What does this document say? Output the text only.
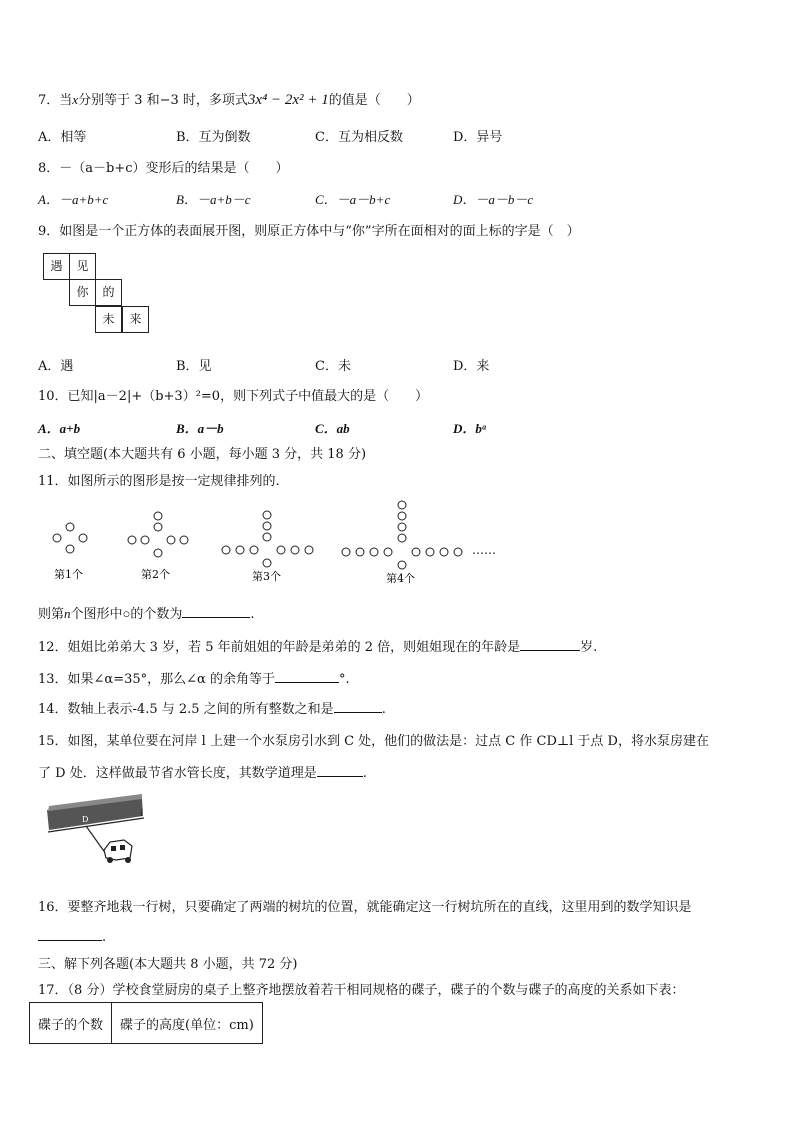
7．当x分别等于 3 和−3 时，多项式3x⁴ − 2x² + 1的值是（　　）
A．相等	B．互为倒数	C．互为相反数	D．异号
8．－（a－b+c）变形后的结果是（　　）
A．－a+b+c	B．－a+b－c	C．－a－b+c	D．－a－b－c
9．如图是一个正方体的表面展开图，则原正方体中与“你”字所在面相对的面上标的字是（　）
遇	见
你	的
未	来
A．遇	B．见	C．未	D．来
10．已知|a－2|+（b+3）²=0，则下列式子中值最大的是（　　）
A．a+b	B．a－b	C．ab	D．bᵃ
二、填空题(本大题共有 6 小题，每小题 3 分，共 18 分)
11．如图所示的图形是按一定规律排列的.
第1个	第2个	第3个	第4个
……
则第n个图形中○的个数为	.
12．姐姐比弟弟大 3 岁，若 5 年前姐姐的年龄是弟弟的 2 倍，则姐姐现在的年龄是	岁.
13．如果∠α=35°，那么∠α 的余角等于	°.
14．数轴上表示-4.5 与 2.5 之间的所有整数之和是	.
15．如图，某单位要在河岸 l 上建一个水泵房引水到 C 处，他们的做法是：过点 C 作 CD⊥l 于点 D，将水泵房建在
了 D 处．这样做最节省水管长度，其数学道理是	.
l
D
16．要整齐地栽一行树，只要确定了两端的树坑的位置，就能确定这一行树坑所在的直线，这里用到的数学知识是
.
三、解下列各题(本大题共 8 小题，共 72 分)
17．（8 分）学校食堂厨房的桌子上整齐地摆放着若干相同规格的碟子，碟子的个数与碟子的高度的关系如下表：
碟子的个数	碟子的高度(单位：cm)
